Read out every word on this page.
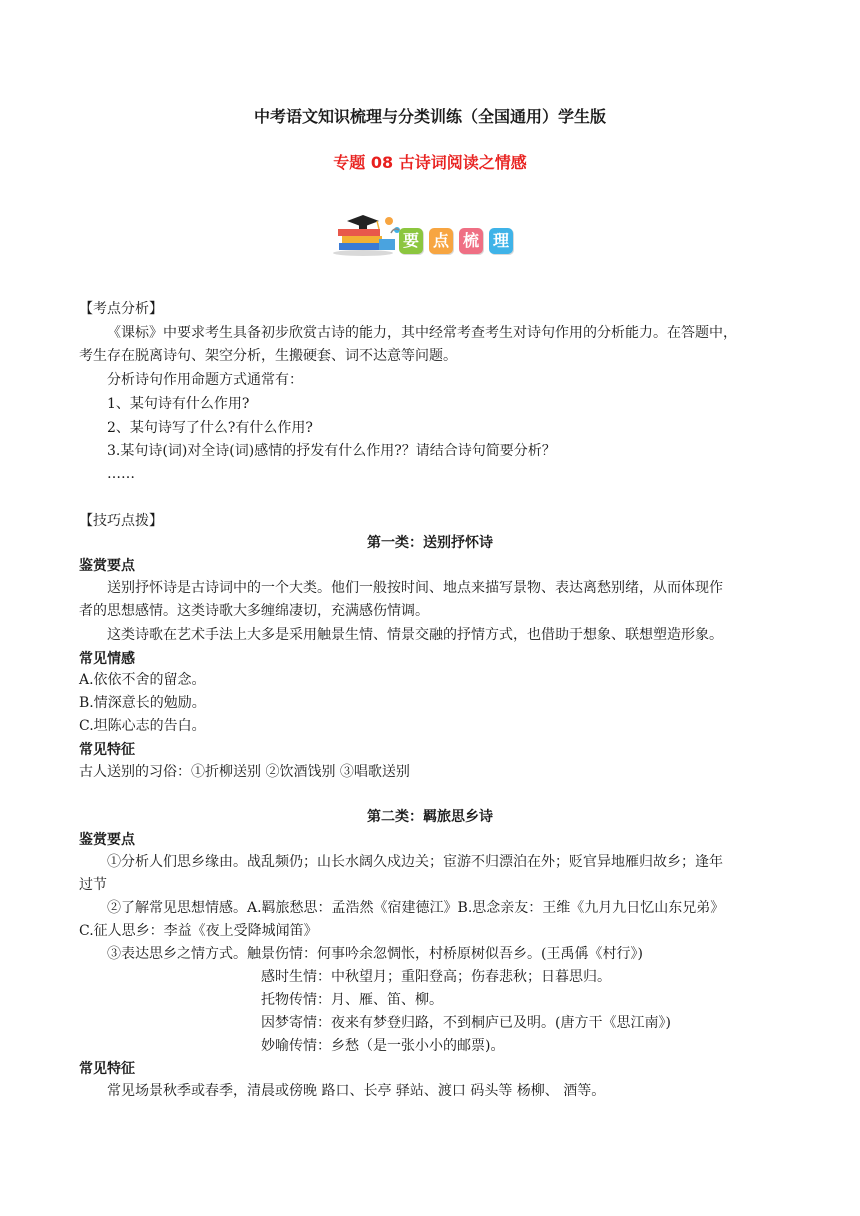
中考语文知识梳理与分类训练（全国通用）学生版
专题 08 古诗词阅读之情感
要 点 梳 理
【考点分析】
《课标》中要求考生具备初步欣赏古诗的能力，其中经常考查考生对诗句作用的分析能力。在答题中，
考生存在脱离诗句、架空分析，生搬硬套、词不达意等问题。
分析诗句作用命题方式通常有：
1、某句诗有什么作用?
2、某句诗写了什么?有什么作用?
3.某句诗(词)对全诗(词)感情的抒发有什么作用?？请结合诗句简要分析？
……
【技巧点拨】
第一类：送别抒怀诗
鉴赏要点
送别抒怀诗是古诗词中的一个大类。他们一般按时间、地点来描写景物、表达离愁别绪，从而体现作
者的思想感情。这类诗歌大多缠绵凄切，充满感伤情调。
这类诗歌在艺术手法上大多是采用触景生情、情景交融的抒情方式，也借助于想象、联想塑造形象。
常见情感
A.依依不舍的留念。
B.情深意长的勉励。
C.坦陈心志的告白。
常见特征
古人送别的习俗：①折柳送别 ②饮酒饯别 ③唱歌送别
第二类：羁旅思乡诗
鉴赏要点
①分析人们思乡缘由。战乱频仍；山长水阔久戍边关；宦游不归漂泊在外；贬官异地雁归故乡；逢年
过节
②了解常见思想情感。A.羁旅愁思：孟浩然《宿建德江》B.思念亲友：王维《九月九日忆山东兄弟》
C.征人思乡：李益《夜上受降城闻笛》
③表达思乡之情方式。触景伤情：何事吟余忽惆怅，村桥原树似吾乡。(王禹偁《村行》)
感时生情：中秋望月；重阳登高；伤春悲秋；日暮思归。
托物传情：月、雁、笛、柳。
因梦寄情：夜来有梦登归路，不到桐庐已及明。(唐方干《思江南》)
妙喻传情：乡愁（是一张小小的邮票)。
常见特征
常见场景秋季或春季，清晨或傍晚 路口、长亭 驿站、渡口 码头等 杨柳、 酒等。
